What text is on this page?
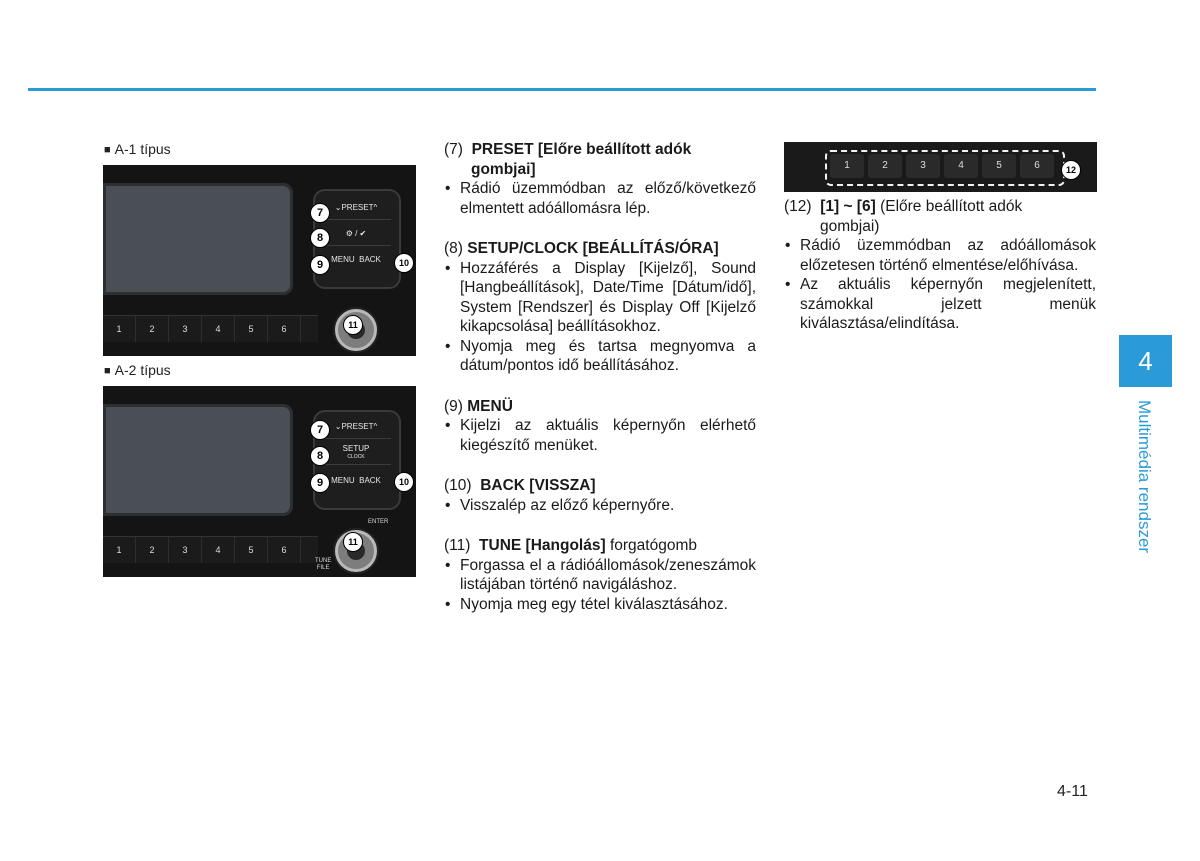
■ A-1 típus
⌄PRESET^
⚙ / ✔
MENU BACK
1	2	3	4	5	6
7
8
9	10
11
■ A-2 típus
⌄PRESET^
SETUP
CLOCK
MENU BACK
1	2	3	4	5	6
ENTER
TUNE
FILE
7
8
9	10
11

(7) PRESET [Előre beállított adók

gombjai]

• Rádió üzemmódban az előző/következő elmentett adóállomásra lép.

(8) SETUP/CLOCK [BEÁLLÍTÁS/ÓRA]

• Hozzáférés a Display [Kijelző], Sound [Hangbeállítások], Date/Time [Dátum/idő], System [Rendszer] és Display Off [Kijelző kikapcsolása] beállításokhoz.

• Nyomja meg és tartsa megnyomva a dátum/pontos idő beállításához.

(9) MENÜ

• Kijelzi az aktuális képernyőn elérhető kiegészítő menüket.

(10) BACK [VISSZA]

• Visszalép az előző képernyőre.

(11) TUNE [Hangolás] forgatógomb

• Forgassa el a rádióállomások/zeneszámok listájában történő navigáláshoz.

• Nyomja meg egy tétel kiválasztásához.

1	2	3	4	5	6	12

(12) [1] ~ [6] (Előre beállított adók

gombjai)

• Rádió üzemmódban az adóállomások előzetesen történő elmentése/előhívása.

• Az aktuális képernyőn megjelenített, számokkal jelzett menük kiválasztása/elindítása.

4
Multimédia rendszer
4-11
